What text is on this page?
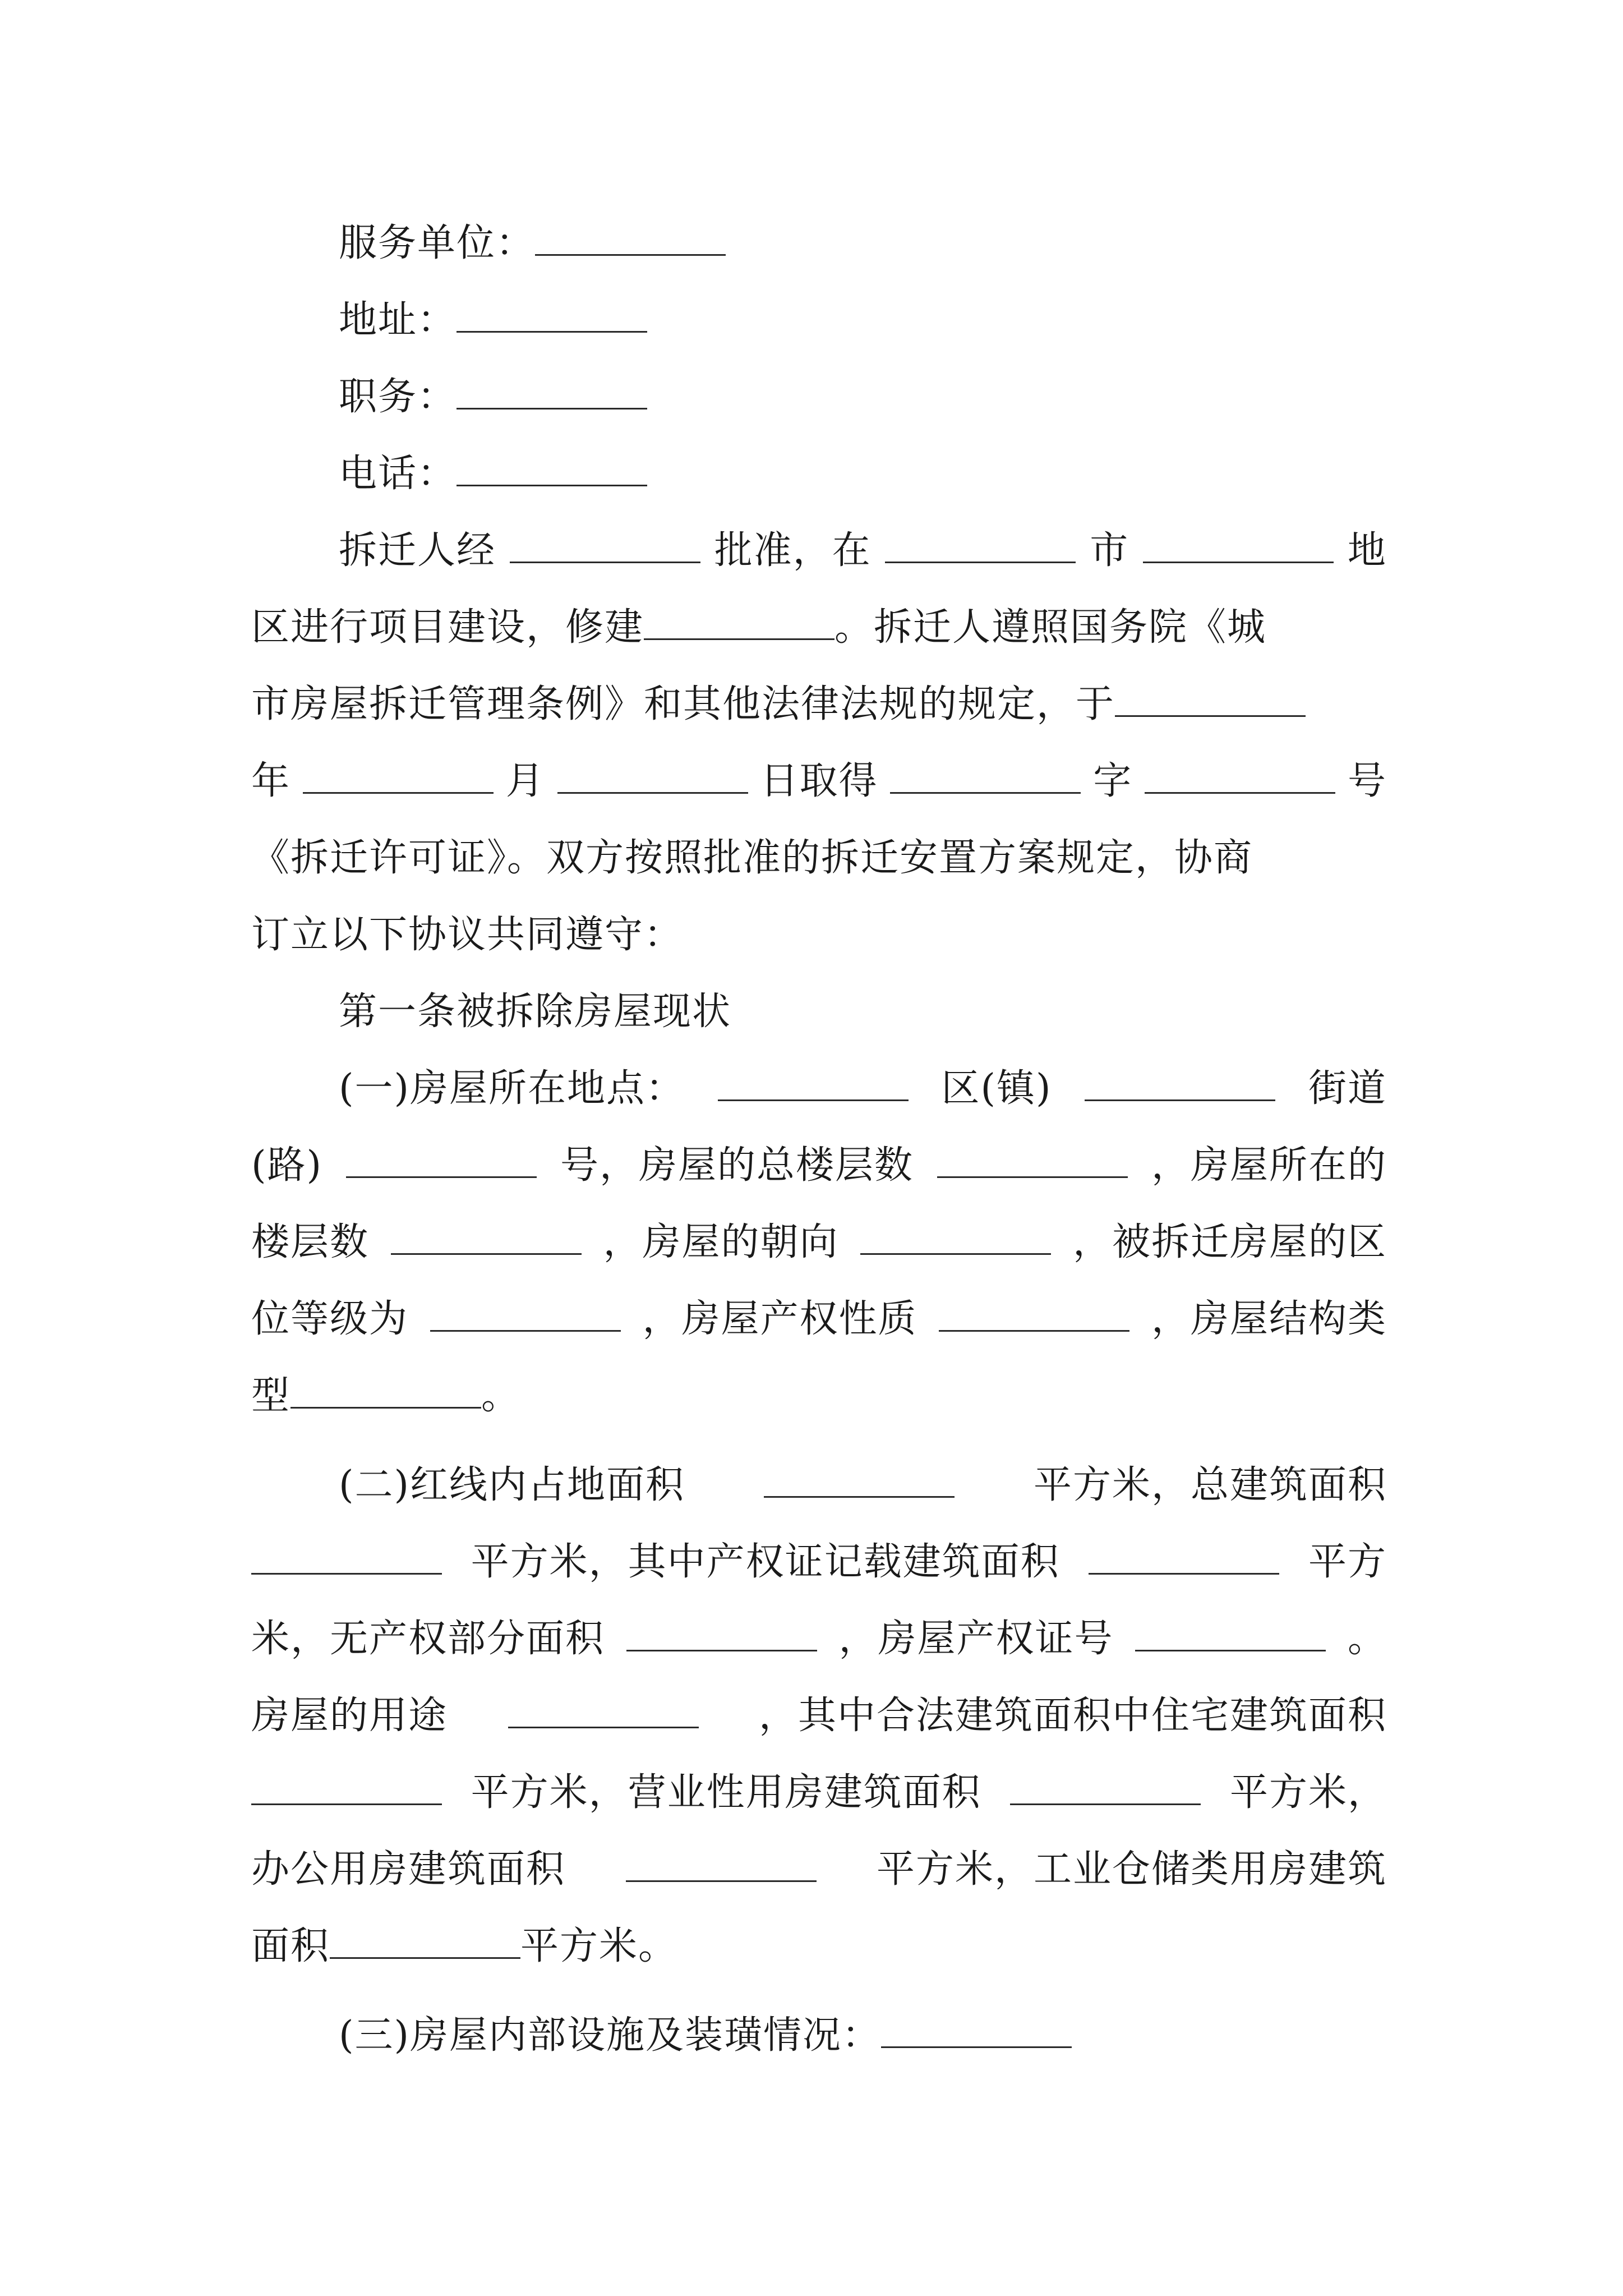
服务单位：
地址：
职务：
电话：
拆迁人经	批准，在	市	地
区进行项目建设，修建	。拆迁人遵照国务院《城
市房屋拆迁管理条例》和其他法律法规的规定，于
年	月	日取得	字	号
《拆迁许可证》。双方按照批准的拆迁安置方案规定，协商
订立以下协议共同遵守：
第一条被拆除房屋现状
(一)房屋所在地点：	区(镇)	街道
(路)	号，房屋的总楼层数	，房屋所在的
楼层数	，房屋的朝向	，被拆迁房屋的区
位等级为	，房屋产权性质	，房屋结构类
型	。
(二)红线内占地面积	平方米，总建筑面积
平方米，其中产权证记载建筑面积	平方
米，无产权部分面积	，房屋产权证号	。
房屋的用途	，其中合法建筑面积中住宅建筑面积
平方米，营业性用房建筑面积	平方米，
办公用房建筑面积	平方米，工业仓储类用房建筑
面积	平方米。
(三)房屋内部设施及装璜情况：
